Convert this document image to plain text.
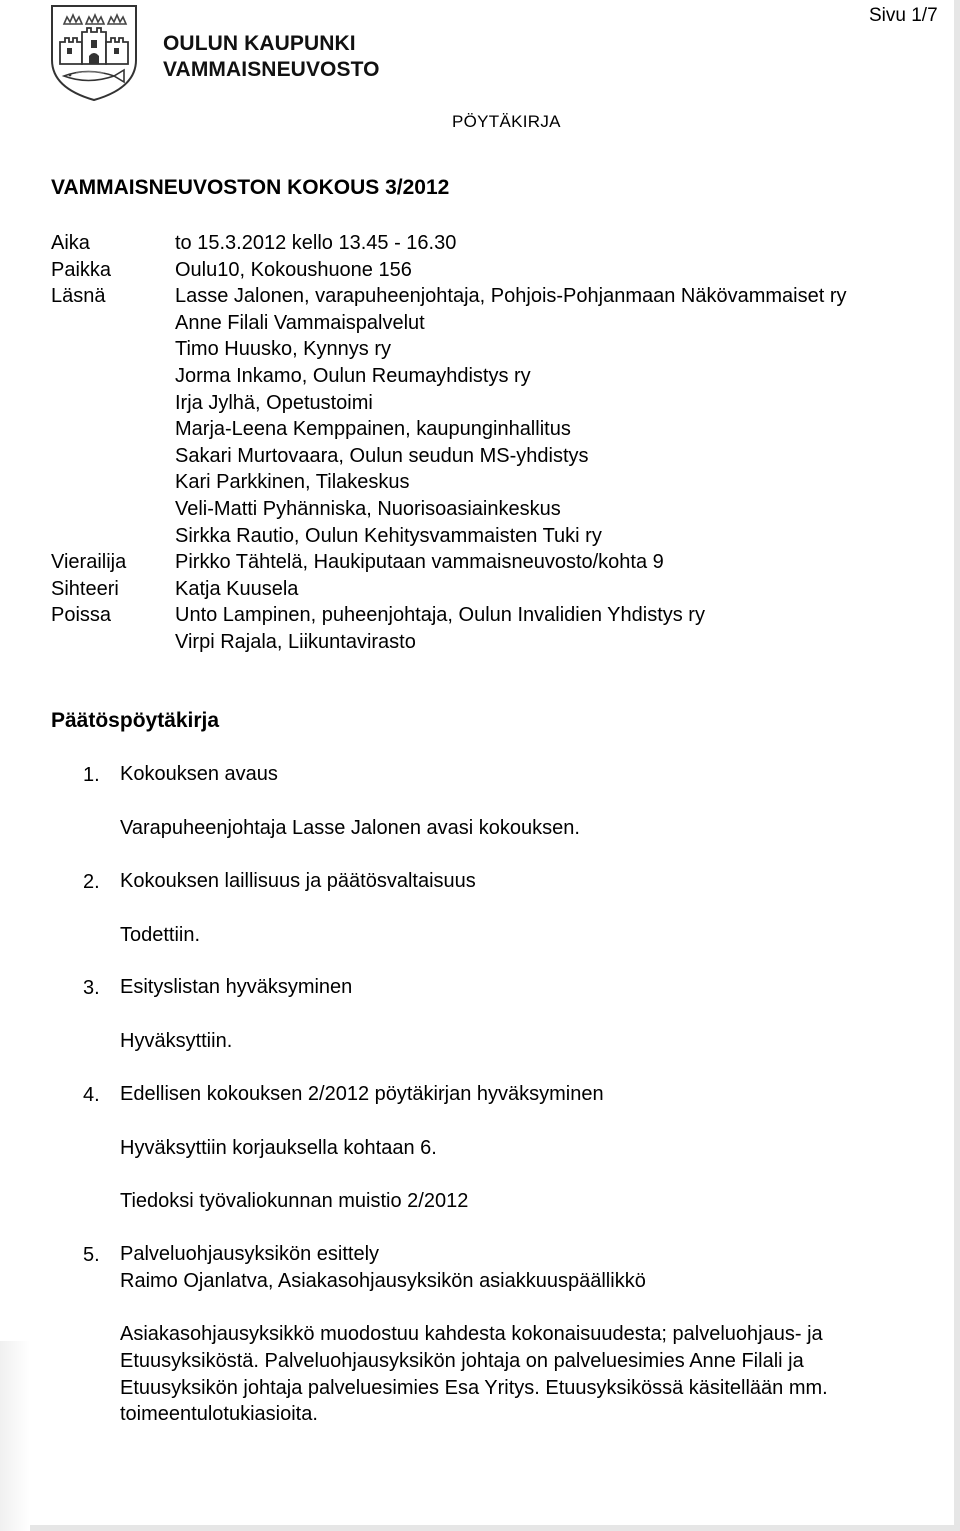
OULUN KAUPUNKI
VAMMAISNEUVOSTO
Sivu 1/7
PÖYTÄKIRJA
VAMMAISNEUVOSTON KOKOUS 3/2012
Aika	to 15.3.2012 kello 13.45 - 16.30
Paikka	Oulu10, Kokoushuone 156
Läsnä	Lasse Jalonen, varapuheenjohtaja, Pohjois-Pohjanmaan Näkövammaiset ry
Anne Filali Vammaispalvelut
Timo Huusko, Kynnys ry
Jorma Inkamo, Oulun Reumayhdistys ry
Irja Jylhä, Opetustoimi
Marja-Leena Kemppainen, kaupunginhallitus
Sakari Murtovaara, Oulun seudun MS-yhdistys
Kari Parkkinen, Tilakeskus
Veli-Matti Pyhänniska, Nuorisoasiainkeskus
Sirkka Rautio, Oulun Kehitysvammaisten Tuki ry
Vierailija	Pirkko Tähtelä, Haukiputaan vammaisneuvosto/kohta 9
Sihteeri	Katja Kuusela
Poissa	Unto Lampinen, puheenjohtaja, Oulun Invalidien Yhdistys ry
Virpi Rajala, Liikuntavirasto
Päätöspöytäkirja
1. Kokouksen avaus
Varapuheenjohtaja Lasse Jalonen avasi kokouksen.
2. Kokouksen laillisuus ja päätösvaltaisuus
Todettiin.
3. Esityslistan hyväksyminen
Hyväksyttiin.
4. Edellisen kokouksen 2/2012 pöytäkirjan hyväksyminen
Hyväksyttiin korjauksella kohtaan 6.
Tiedoksi työvaliokunnan muistio 2/2012
5. Palveluohjausyksikön esittely
Raimo Ojanlatva, Asiakasohjausyksikön asiakkuuspäällikkö
Asiakasohjausyksikkö muodostuu kahdesta kokonaisuudesta; palveluohjaus- ja
Etuusyksiköstä. Palveluohjausyksikön johtaja on palveluesimies Anne Filali ja
Etuusyksikön johtaja palveluesimies Esa Yritys. Etuusyksikössä käsitellään mm.
toimeentulotukiasioita.
